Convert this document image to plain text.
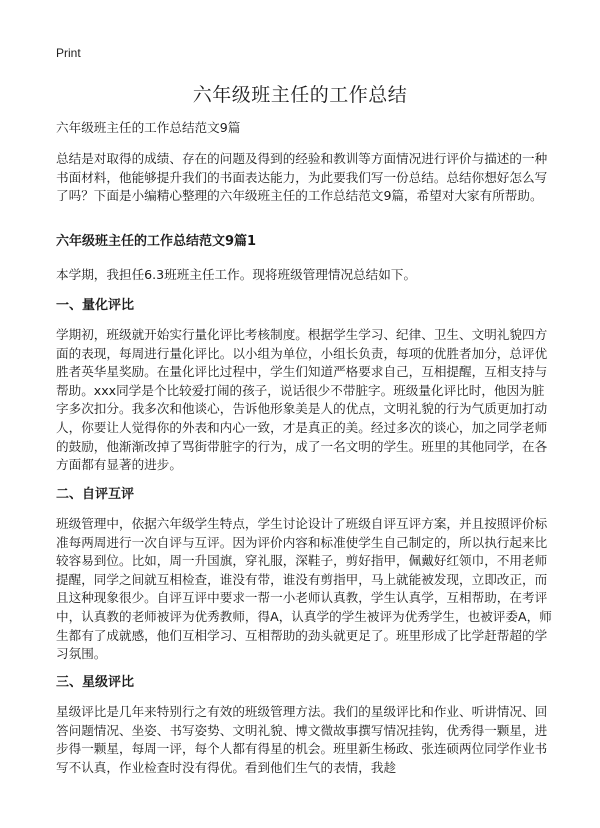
Print
六年级班主任的工作总结

六年级班主任的工作总结范文9篇

总结是对取得的成绩、存在的问题及得到的经验和教训等方面情况进行评价与描述的一种书面材料，他能够提升我们的书面表达能力，为此要我们写一份总结。总结你想好怎么写了吗？下面是小编精心整理的六年级班主任的工作总结范文9篇，希望对大家有所帮助。

六年级班主任的工作总结范文9篇1

本学期，我担任6.3班班主任工作。现将班级管理情况总结如下。

一、量化评比

学期初，班级就开始实行量化评比考核制度。根据学生学习、纪律、卫生、文明礼貌四方面的表现，每周进行量化评比。以小组为单位，小组长负责，每项的优胜者加分，总评优胜者英华星奖励。在量化评比过程中，学生们知道严格要求自己，互相提醒，互相支持与帮助。xxx同学是个比较爱打闹的孩子，说话很少不带脏字。班级量化评比时，他因为脏字多次扣分。我多次和他谈心，告诉他形象美是人的优点，文明礼貌的行为气质更加打动人，你要让人觉得你的外表和内心一致，才是真正的美。经过多次的谈心，加之同学老师的鼓励，他渐渐改掉了骂街带脏字的行为，成了一名文明的学生。班里的其他同学，在各方面都有显著的进步。

二、自评互评

班级管理中，依据六年级学生特点，学生讨论设计了班级自评互评方案，并且按照评价标准每两周进行一次自评与互评。因为评价内容和标准使学生自己制定的，所以执行起来比较容易到位。比如，周一升国旗，穿礼服，深鞋子，剪好指甲，佩戴好红领巾，不用老师提醒，同学之间就互相检查，谁没有带，谁没有剪指甲，马上就能被发现，立即改正，而且这种现象很少。自评互评中要求一帮一小老师认真教，学生认真学，互相帮助，在考评中，认真教的老师被评为优秀教师，得A，认真学的学生被评为优秀学生，也被评委A，师生都有了成就感，他们互相学习、互相帮助的劲头就更足了。班里形成了比学赶帮超的学习氛围。

三、星级评比

星级评比是几年来特别行之有效的班级管理方法。我们的星级评比和作业、听讲情况、回答问题情况、坐姿、书写姿势、文明礼貌、博文微故事撰写情况挂钩，优秀得一颗星，进步得一颗星，每周一评，每个人都有得星的机会。班里新生杨政、张连硕两位同学作业书写不认真，作业检查时没有得优。看到他们生气的表情，我趁
